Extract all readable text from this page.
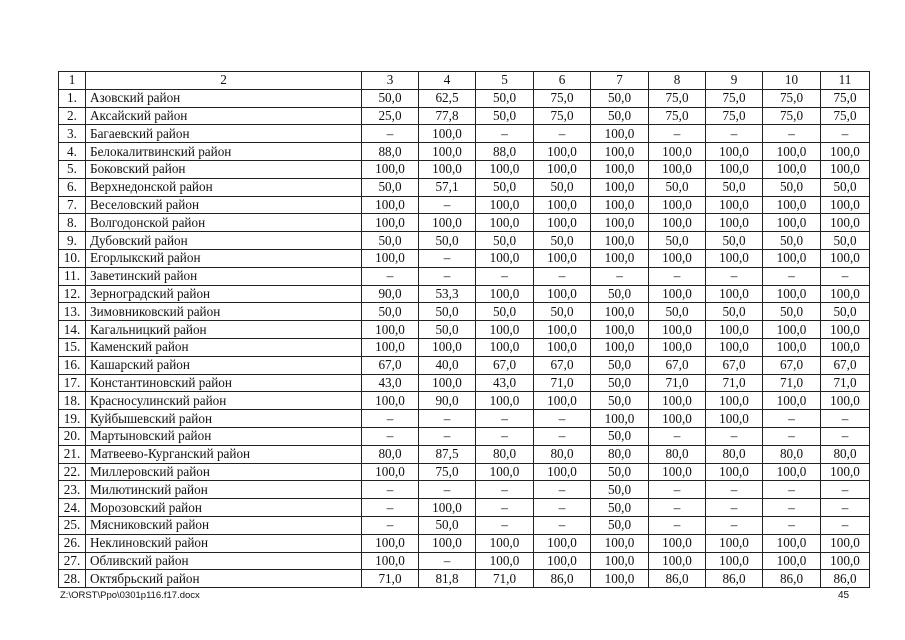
1	2	3	4	5	6	7	8	9	10	11
1.	Азовский район	50,0	62,5	50,0	75,0	50,0	75,0	75,0	75,0	75,0
2.	Аксайский район	25,0	77,8	50,0	75,0	50,0	75,0	75,0	75,0	75,0
3.	Багаевский район	–	100,0	–	–	100,0	–	–	–	–
4.	Белокалитвинский район	88,0	100,0	88,0	100,0	100,0	100,0	100,0	100,0	100,0
5.	Боковский район	100,0	100,0	100,0	100,0	100,0	100,0	100,0	100,0	100,0
6.	Верхнедонской район	50,0	57,1	50,0	50,0	100,0	50,0	50,0	50,0	50,0
7.	Веселовский район	100,0	–	100,0	100,0	100,0	100,0	100,0	100,0	100,0
8.	Волгодонской район	100,0	100,0	100,0	100,0	100,0	100,0	100,0	100,0	100,0
9.	Дубовский район	50,0	50,0	50,0	50,0	100,0	50,0	50,0	50,0	50,0
10.	Егорлыкский район	100,0	–	100,0	100,0	100,0	100,0	100,0	100,0	100,0
11.	Заветинский район	–	–	–	–	–	–	–	–	–
12.	Зерноградский район	90,0	53,3	100,0	100,0	50,0	100,0	100,0	100,0	100,0
13.	Зимовниковский район	50,0	50,0	50,0	50,0	100,0	50,0	50,0	50,0	50,0
14.	Кагальницкий район	100,0	50,0	100,0	100,0	100,0	100,0	100,0	100,0	100,0
15.	Каменский район	100,0	100,0	100,0	100,0	100,0	100,0	100,0	100,0	100,0
16.	Кашарский район	67,0	40,0	67,0	67,0	50,0	67,0	67,0	67,0	67,0
17.	Константиновский район	43,0	100,0	43,0	71,0	50,0	71,0	71,0	71,0	71,0
18.	Красносулинский район	100,0	90,0	100,0	100,0	50,0	100,0	100,0	100,0	100,0
19.	Куйбышевский район	–	–	–	–	100,0	100,0	100,0	–	–
20.	Мартыновский район	–	–	–	–	50,0	–	–	–	–
21.	Матвеево-Курганский район	80,0	87,5	80,0	80,0	80,0	80,0	80,0	80,0	80,0
22.	Миллеровский район	100,0	75,0	100,0	100,0	50,0	100,0	100,0	100,0	100,0
23.	Милютинский район	–	–	–	–	50,0	–	–	–	–
24.	Морозовский район	–	100,0	–	–	50,0	–	–	–	–
25.	Мясниковский район	–	50,0	–	–	50,0	–	–	–	–
26.	Неклиновский район	100,0	100,0	100,0	100,0	100,0	100,0	100,0	100,0	100,0
27.	Обливский район	100,0	–	100,0	100,0	100,0	100,0	100,0	100,0	100,0
28.	Октябрьский район	71,0	81,8	71,0	86,0	100,0	86,0	86,0	86,0	86,0
Z:\ORST\Ppo\0301p116.f17.docx	45
